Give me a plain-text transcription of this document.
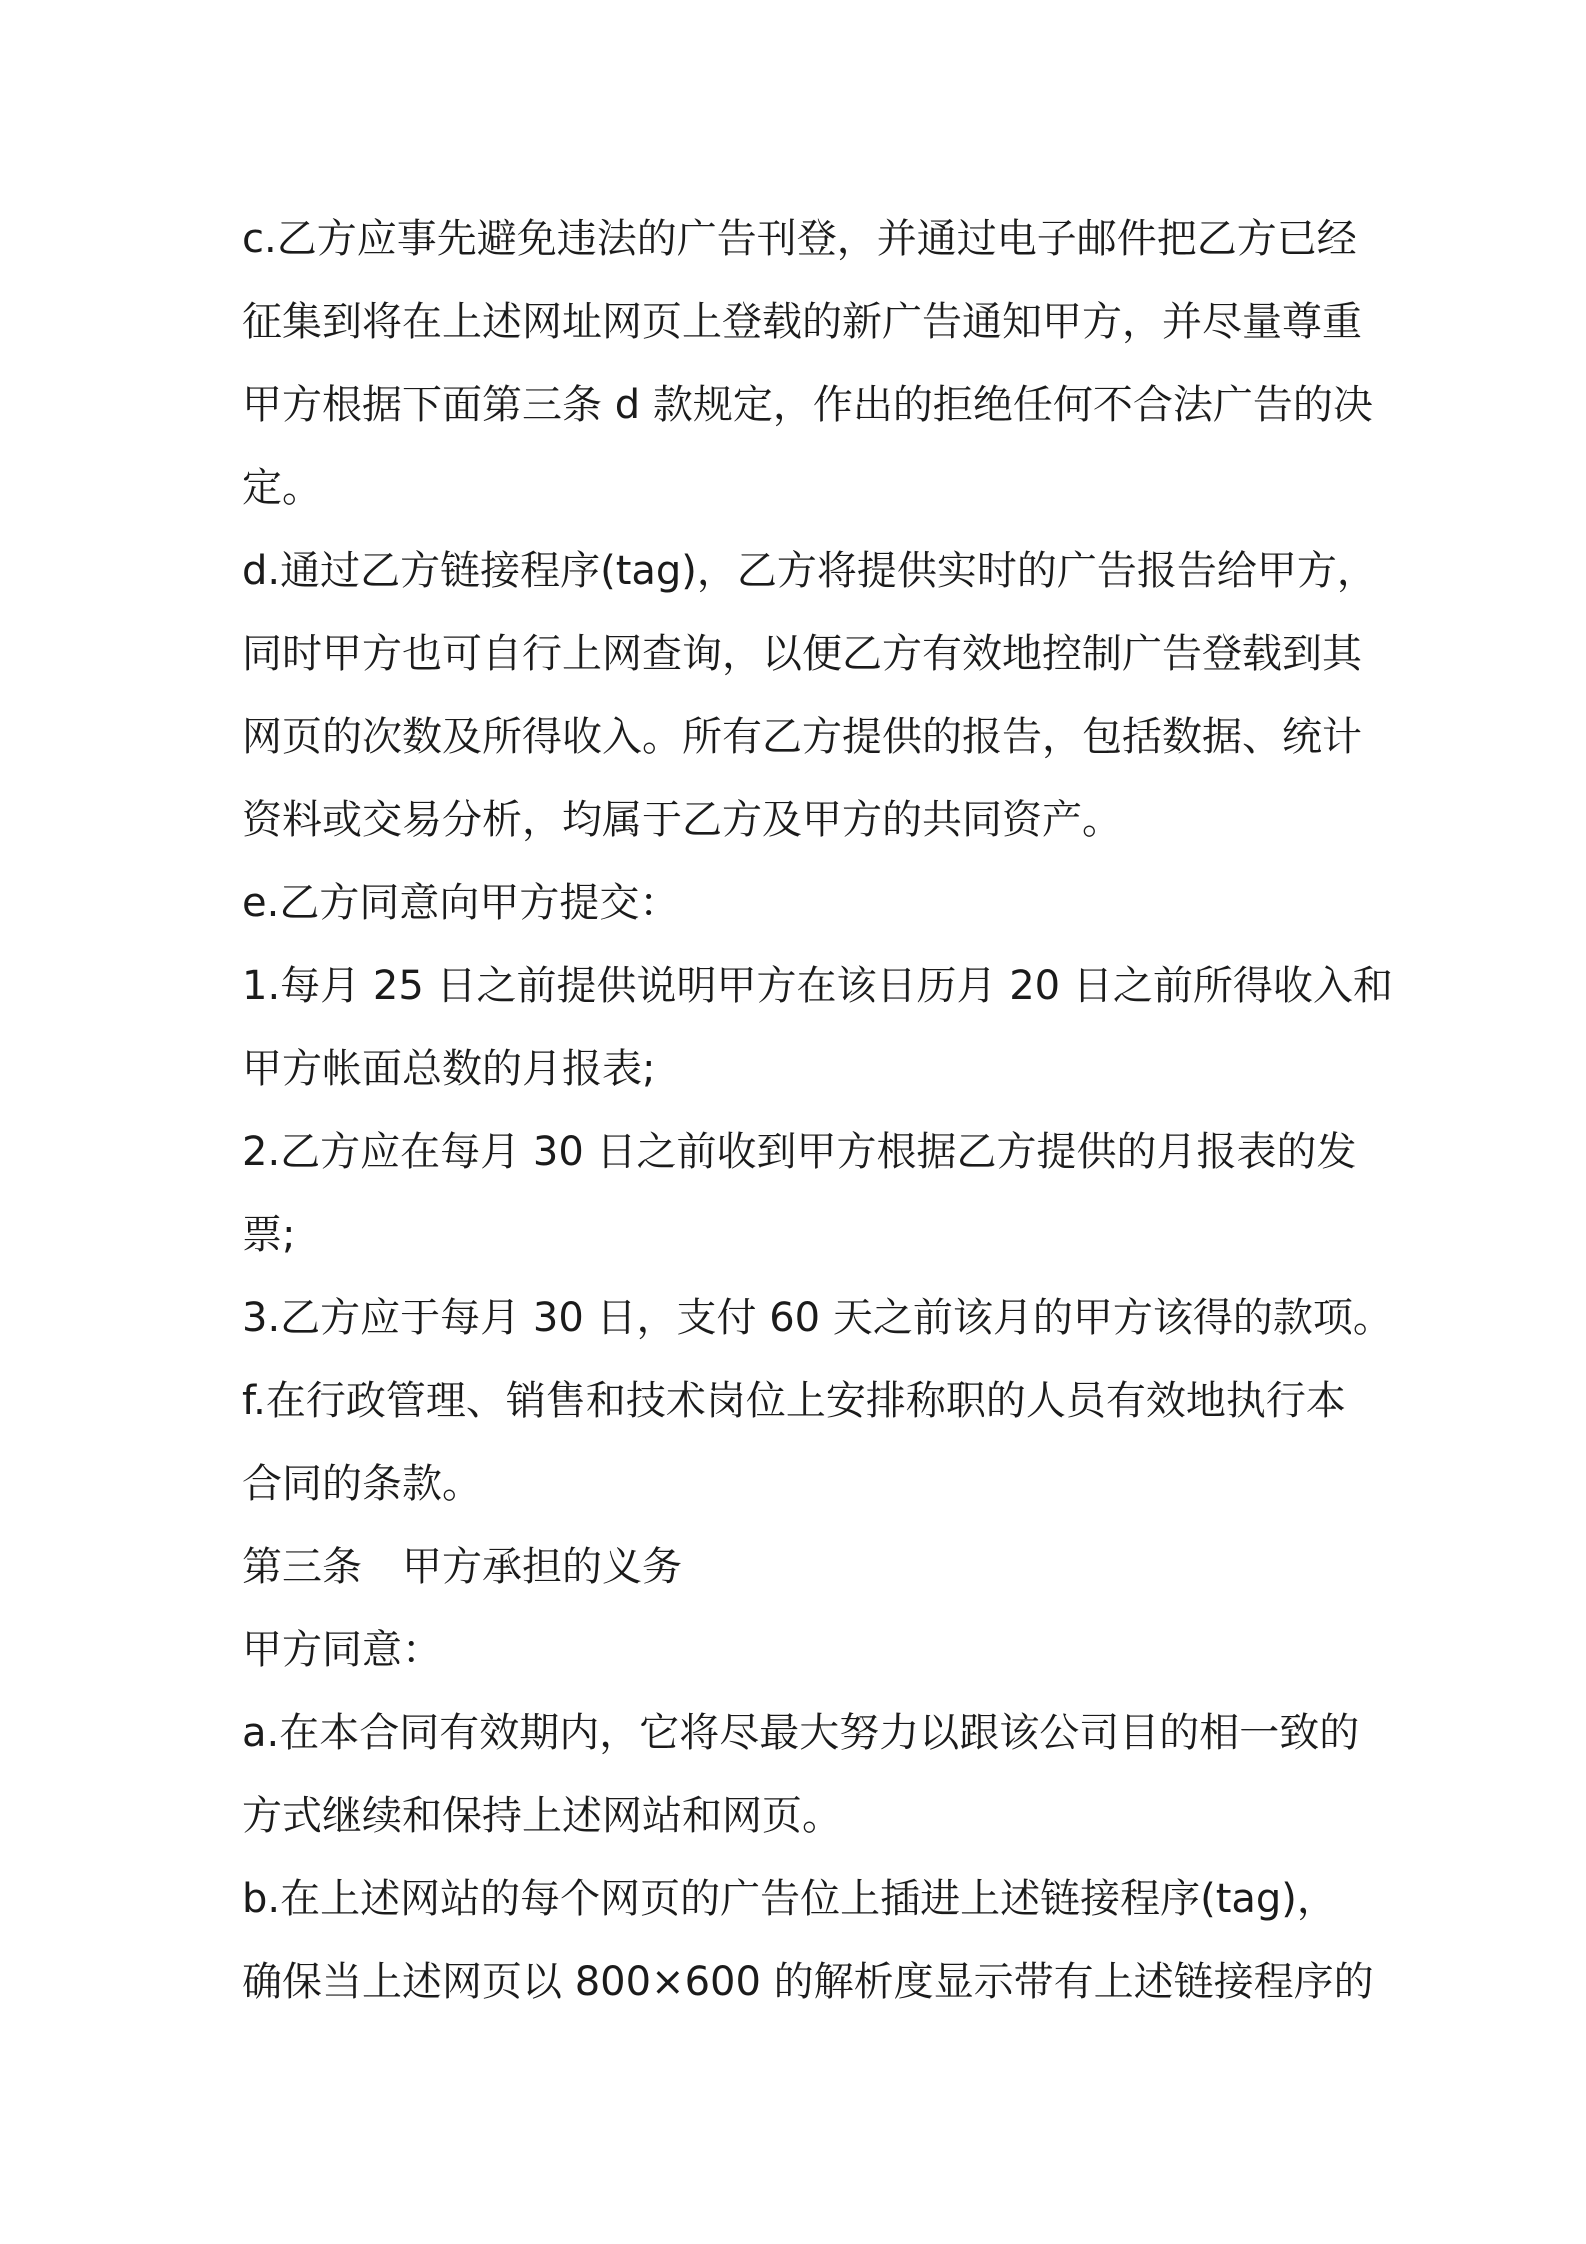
c.乙方应事先避免违法的广告刊登，并通过电子邮件把乙方已经
征集到将在上述网址网页上登载的新广告通知甲方，并尽量尊重
甲方根据下面第三条 d 款规定，作出的拒绝任何不合法广告的决
定。
d.通过乙方链接程序(tag)，乙方将提供实时的广告报告给甲方，
同时甲方也可自行上网查询，以便乙方有效地控制广告登载到其
网页的次数及所得收入。所有乙方提供的报告，包括数据、统计
资料或交易分析，均属于乙方及甲方的共同资产。
e.乙方同意向甲方提交：
1.每月 25 日之前提供说明甲方在该日历月 20 日之前所得收入和
甲方帐面总数的月报表;
2.乙方应在每月 30 日之前收到甲方根据乙方提供的月报表的发
票;
3.乙方应于每月 30 日，支付 60 天之前该月的甲方该得的款项。
f.在行政管理、销售和技术岗位上安排称职的人员有效地执行本
合同的条款。
第三条　甲方承担的义务
甲方同意：
a.在本合同有效期内，它将尽最大努力以跟该公司目的相一致的
方式继续和保持上述网站和网页。
b.在上述网站的每个网页的广告位上插进上述链接程序(tag)，
确保当上述网页以 800×600 的解析度显示带有上述链接程序的
